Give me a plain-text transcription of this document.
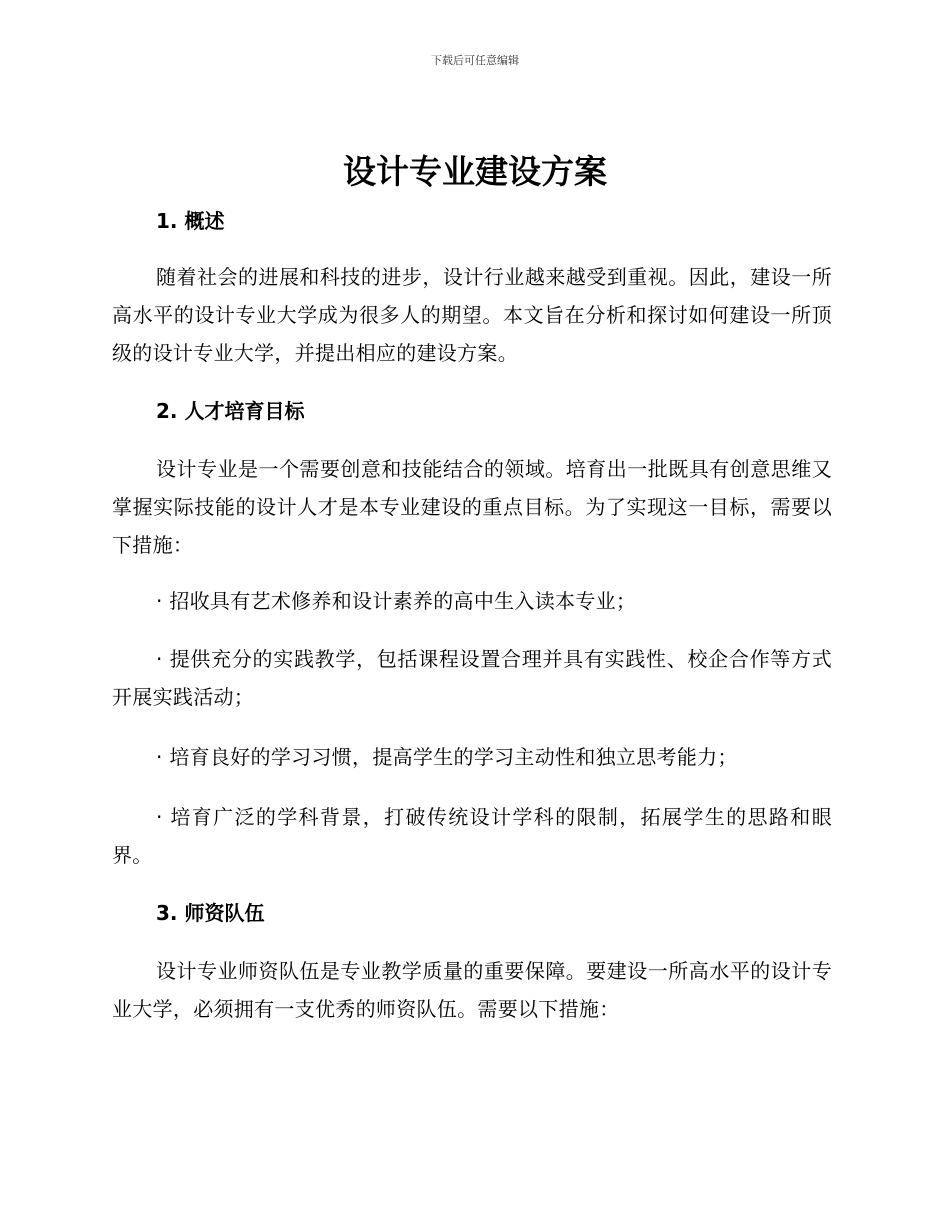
下载后可任意编辑
设计专业建设方案
1. 概述

随着社会的进展和科技的进步，设计行业越来越受到重视。因此，建设一所高水平的设计专业大学成为很多人的期望。本文旨在分析和探讨如何建设一所顶级的设计专业大学，并提出相应的建设方案。

2. 人才培育目标

设计专业是一个需要创意和技能结合的领域。培育出一批既具有创意思维又掌握实际技能的设计人才是本专业建设的重点目标。为了实现这一目标，需要以下措施：

· 招收具有艺术修养和设计素养的高中生入读本专业；

· 提供充分的实践教学，包括课程设置合理并具有实践性、校企合作等方式开展实践活动；

· 培育良好的学习习惯，提高学生的学习主动性和独立思考能力；

· 培育广泛的学科背景，打破传统设计学科的限制，拓展学生的思路和眼界。

3. 师资队伍

设计专业师资队伍是专业教学质量的重要保障。要建设一所高水平的设计专业大学，必须拥有一支优秀的师资队伍。需要以下措施：
